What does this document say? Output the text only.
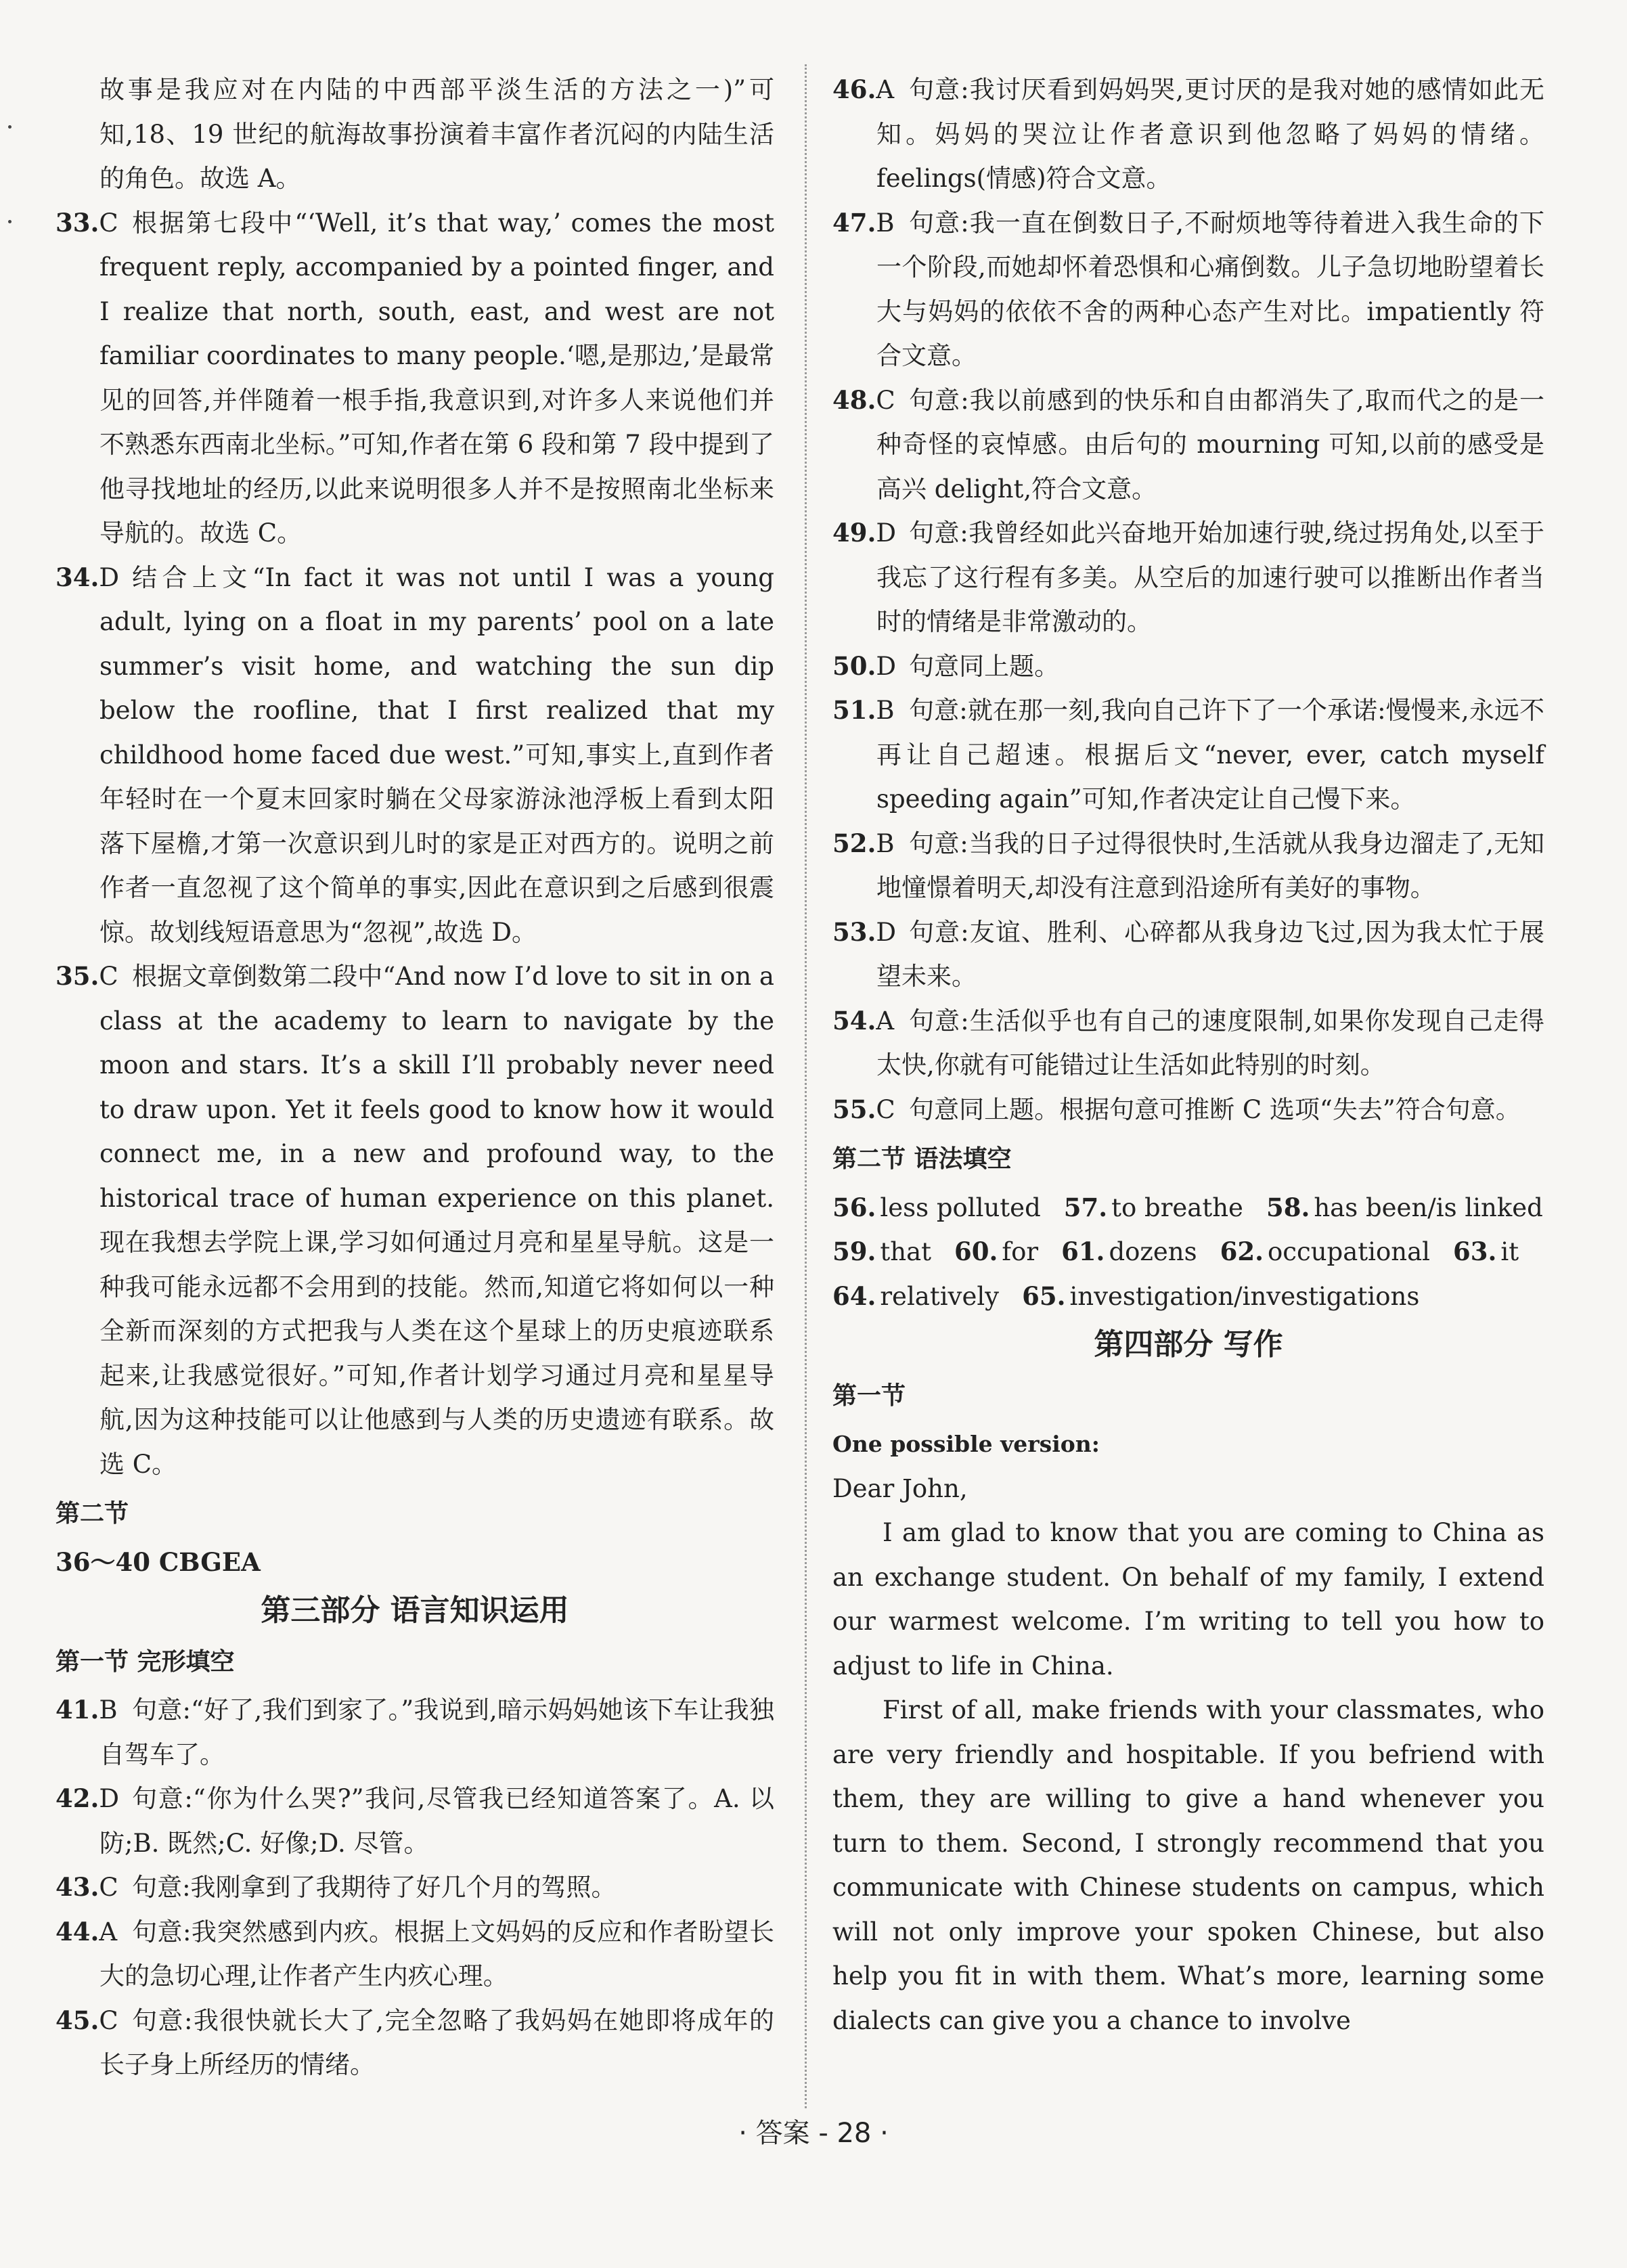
故事是我应对在内陆的中西部平淡生活的方法之一)”可知,18、19 世纪的航海故事扮演着丰富作者沉闷的内陆生活的角色。故选 A。
33.C 根据第七段中“‘Well, it’s that way,’ comes the most frequent reply, accompanied by a pointed finger, and I realize that north, south, east, and west are not familiar coordinates to many people.‘嗯,是那边,’是最常见的回答,并伴随着一根手指,我意识到,对许多人来说他们并不熟悉东西南北坐标。”可知,作者在第 6 段和第 7 段中提到了他寻找地址的经历,以此来说明很多人并不是按照南北坐标来导航的。故选 C。
34.D 结合上文“In fact it was not until I was a young adult, lying on a float in my parents’ pool on a late summer’s visit home, and watching the sun dip below the roofline, that I first realized that my childhood home faced due west.”可知,事实上,直到作者年轻时在一个夏末回家时躺在父母家游泳池浮板上看到太阳落下屋檐,才第一次意识到儿时的家是正对西方的。说明之前作者一直忽视了这个简单的事实,因此在意识到之后感到很震惊。故划线短语意思为“忽视”,故选 D。
35.C 根据文章倒数第二段中“And now I’d love to sit in on a class at the academy to learn to navigate by the moon and stars. It’s a skill I’ll probably never need to draw upon. Yet it feels good to know how it would connect me, in a new and profound way, to the historical trace of human experience on this planet. 现在我想去学院上课,学习如何通过月亮和星星导航。这是一种我可能永远都不会用到的技能。然而,知道它将如何以一种全新而深刻的方式把我与人类在这个星球上的历史痕迹联系起来,让我感觉很好。”可知,作者计划学习通过月亮和星星导航,因为这种技能可以让他感到与人类的历史遗迹有联系。故选 C。
第二节
36～40 CBGEA
第三部分 语言知识运用
第一节 完形填空
41.B 句意:“好了,我们到家了。”我说到,暗示妈妈她该下车让我独自驾车了。
42.D 句意:“你为什么哭?”我问,尽管我已经知道答案了。A. 以防;B. 既然;C. 好像;D. 尽管。
43.C 句意:我刚拿到了我期待了好几个月的驾照。
44.A 句意:我突然感到内疚。根据上文妈妈的反应和作者盼望长大的急切心理,让作者产生内疚心理。
45.C 句意:我很快就长大了,完全忽略了我妈妈在她即将成年的长子身上所经历的情绪。
46.A 句意:我讨厌看到妈妈哭,更讨厌的是我对她的感情如此无知。妈妈的哭泣让作者意识到他忽略了妈妈的情绪。feelings(情感)符合文意。
47.B 句意:我一直在倒数日子,不耐烦地等待着进入我生命的下一个阶段,而她却怀着恐惧和心痛倒数。儿子急切地盼望着长大与妈妈的依依不舍的两种心态产生对比。impatiently 符合文意。
48.C 句意:我以前感到的快乐和自由都消失了,取而代之的是一种奇怪的哀悼感。由后句的 mourning 可知,以前的感受是高兴 delight,符合文意。
49.D 句意:我曾经如此兴奋地开始加速行驶,绕过拐角处,以至于我忘了这行程有多美。从空后的加速行驶可以推断出作者当时的情绪是非常激动的。
50.D 句意同上题。
51.B 句意:就在那一刻,我向自己许下了一个承诺:慢慢来,永远不再让自己超速。根据后文“never, ever, catch myself speeding again”可知,作者决定让自己慢下来。
52.B 句意:当我的日子过得很快时,生活就从我身边溜走了,无知地憧憬着明天,却没有注意到沿途所有美好的事物。
53.D 句意:友谊、胜利、心碎都从我身边飞过,因为我太忙于展望未来。
54.A 句意:生活似乎也有自己的速度限制,如果你发现自己走得太快,你就有可能错过让生活如此特别的时刻。
55.C 句意同上题。根据句意可推断 C 选项“失去”符合句意。
第二节 语法填空
56. less polluted 57. to breathe 58. has been/is linked
59. that 60. for 61. dozens 62. occupational 63. it
64. relatively 65. investigation/investigations
第四部分 写作
第一节
One possible version:

Dear John,

I am glad to know that you are coming to China as an exchange student. On behalf of my family, I extend our warmest welcome. I’m writing to tell you how to adjust to life in China.

First of all, make friends with your classmates, who are very friendly and hospitable. If you befriend with them, they are willing to give a hand whenever you turn to them. Second, I strongly recommend that you communicate with Chinese students on campus, which will not only improve your spoken Chinese, but also help you fit in with them. What’s more, learning some dialects can give you a chance to involve

· 答案 - 28 ·
